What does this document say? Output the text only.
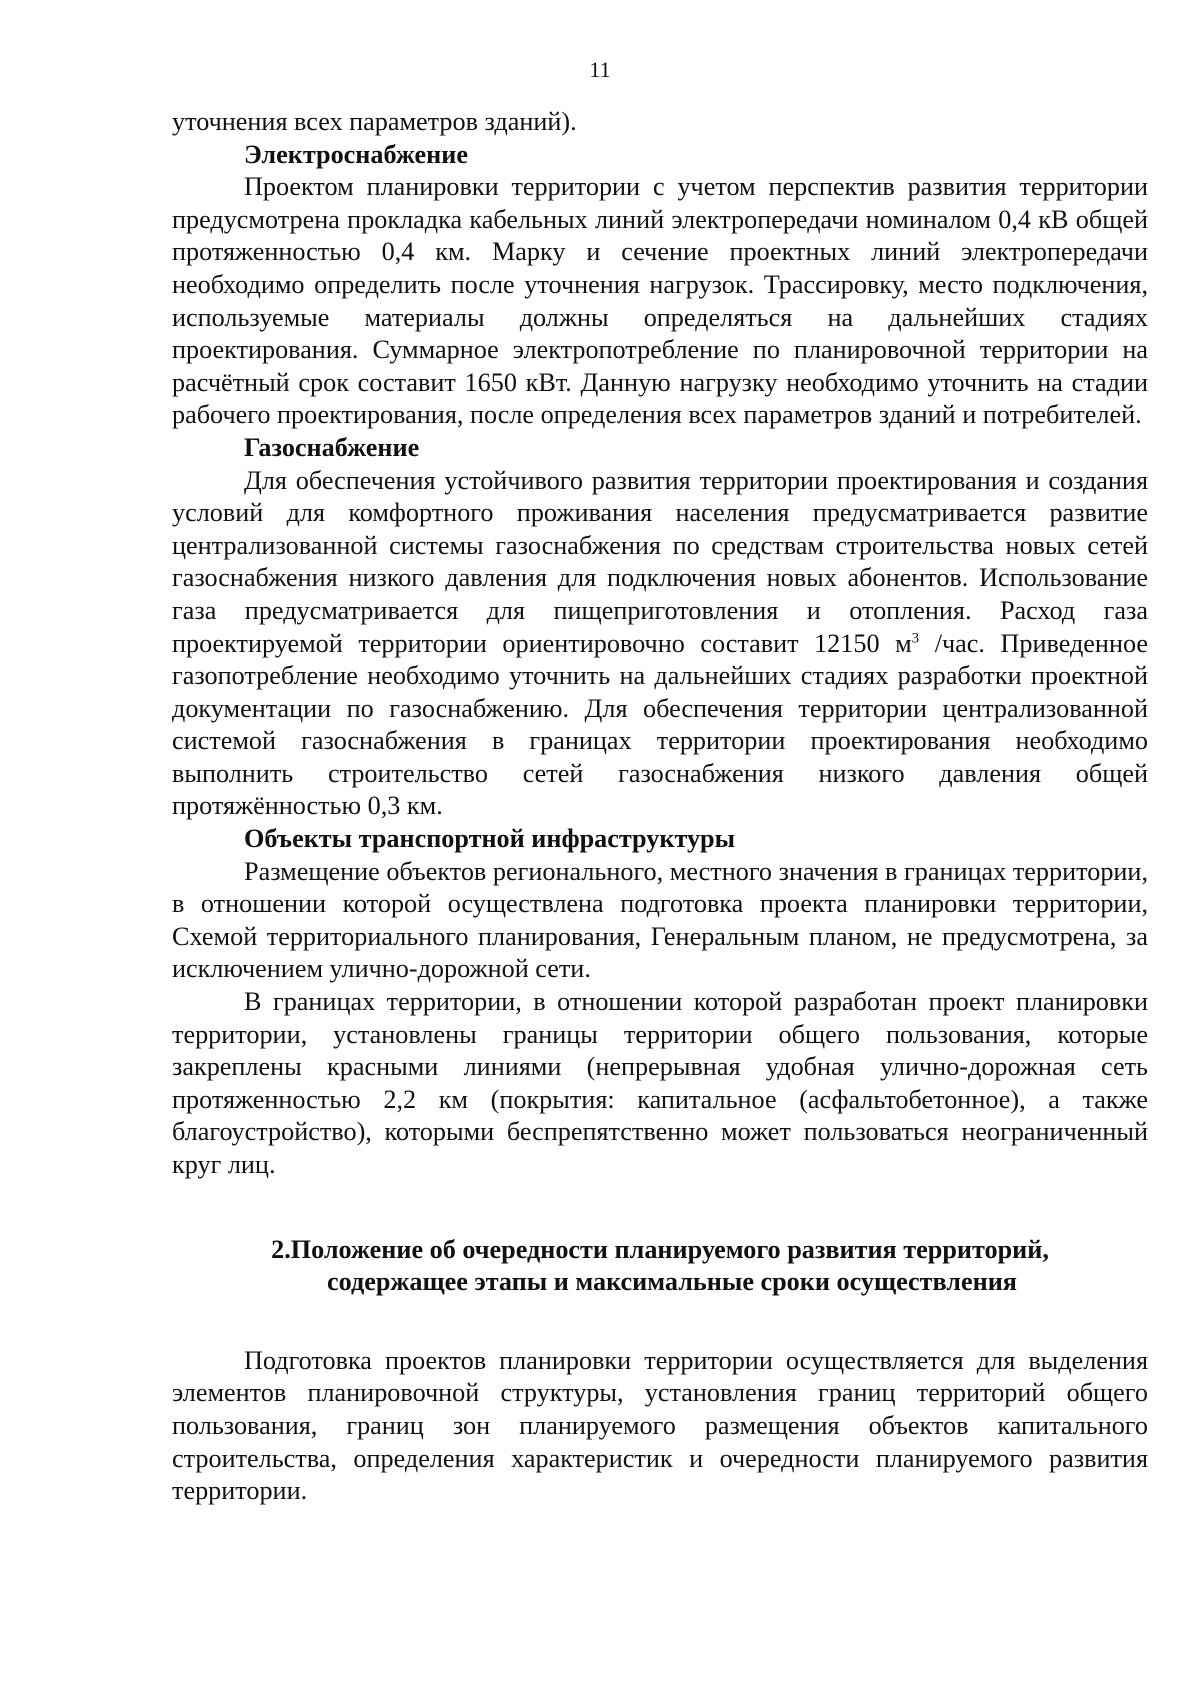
11

уточнения всех параметров зданий).

Электроснабжение

Проектом планировки территории с учетом перспектив развития территории предусмотрена прокладка кабельных линий электропередачи номиналом 0,4 кВ общей протяженностью 0,4 км. Марку и сечение проектных линий электропередачи необходимо определить после уточнения нагрузок. Трассировку, место подключения, используемые материалы должны определяться на дальнейших стадиях проектирования. Суммарное электропотребление по планировочной территории на расчётный срок составит 1650 кВт. Данную нагрузку необходимо уточнить на стадии рабочего проектирования, после определения всех параметров зданий и потребителей.

Газоснабжение

Для обеспечения устойчивого развития территории проектирования и создания условий для комфортного проживания населения предусматривается развитие централизованной системы газоснабжения по средствам строительства новых сетей газоснабжения низкого давления для подключения новых абонентов. Использование газа предусматривается для пищеприготовления и отопления. Расход газа проектируемой территории ориентировочно составит 12150 $м^3$ /час. Приведенное газопотребление необходимо уточнить на дальнейших стадиях разработки проектной документации по газоснабжению. Для обеспечения территории централизованной системой газоснабжения в границах территории проектирования необходимо выполнить строительство сетей газоснабжения низкого давления общей протяжённостью 0,3 км.

Объекты транспортной инфраструктуры

Размещение объектов регионального, местного значения в границах территории, в отношении которой осуществлена подготовка проекта планировки территории, Схемой территориального планирования, Генеральным планом, не предусмотрена, за исключением улично-дорожной сети.

В границах территории, в отношении которой разработан проект планировки территории, установлены границы территории общего пользования, которые закреплены красными линиями (непрерывная удобная улично-дорожная сеть протяженностью 2,2 км (покрытия: капитальное (асфальтобетонное), а также благоустройство), которыми беспрепятственно может пользоваться неограниченный круг лиц.

2.Положение об очередности планируемого развития территорий,
содержащее этапы и максимальные сроки осуществления

Подготовка проектов планировки территории осуществляется для выделения элементов планировочной структуры, установления границ территорий общего пользования, границ зон планируемого размещения объектов капитального строительства, определения характеристик и очередности планируемого развития территории.
